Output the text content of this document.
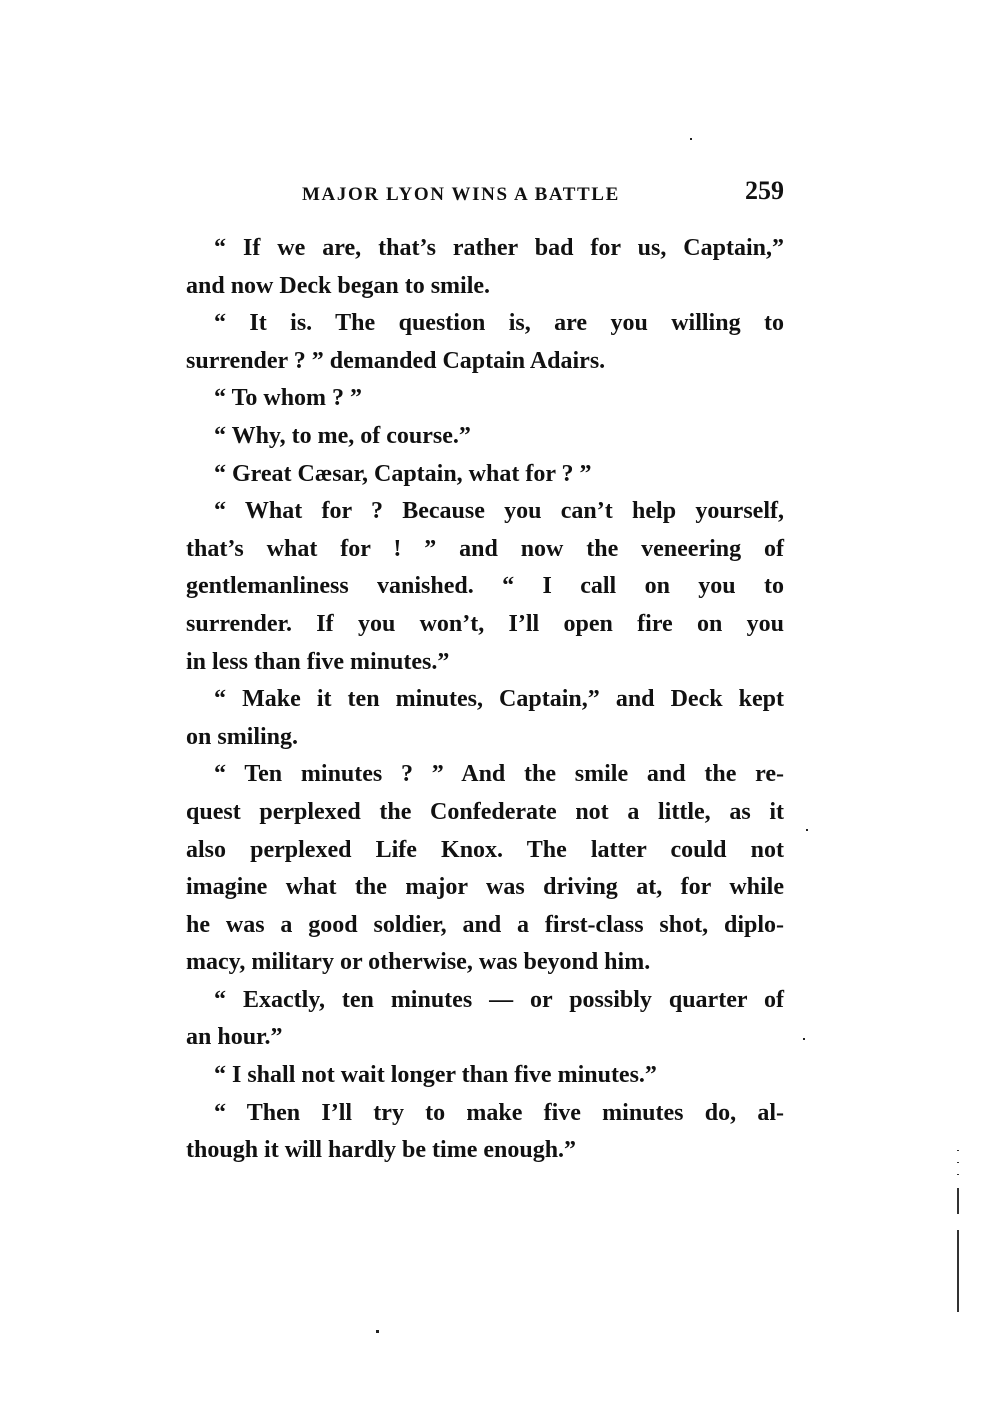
MAJOR LYON WINS A BATTLE	259
“ If we are, that’s rather bad for us, Captain,”
and now Deck began to smile.
“ It is. The question is, are you willing to
surrender ? ” demanded Captain Adairs.
“ To whom ? ”
“ Why, to me, of course.”
“ Great Cæsar, Captain, what for ? ”
“ What for ? Because you can’t help yourself,
that’s what for ! ” and now the veneering of
gentlemanliness vanished. “ I call on you to
surrender. If you won’t, I’ll open fire on you
in less than five minutes.”
“ Make it ten minutes, Captain,” and Deck kept
on smiling.
“ Ten minutes ? ” And the smile and the re-
quest perplexed the Confederate not a little, as it
also perplexed Life Knox. The latter could not
imagine what the major was driving at, for while
he was a good soldier, and a first-class shot, diplo-
macy, military or otherwise, was beyond him.
“ Exactly, ten minutes — or possibly quarter of
an hour.”
“ I shall not wait longer than five minutes.”
“ Then I’ll try to make five minutes do, al-
though it will hardly be time enough.”
